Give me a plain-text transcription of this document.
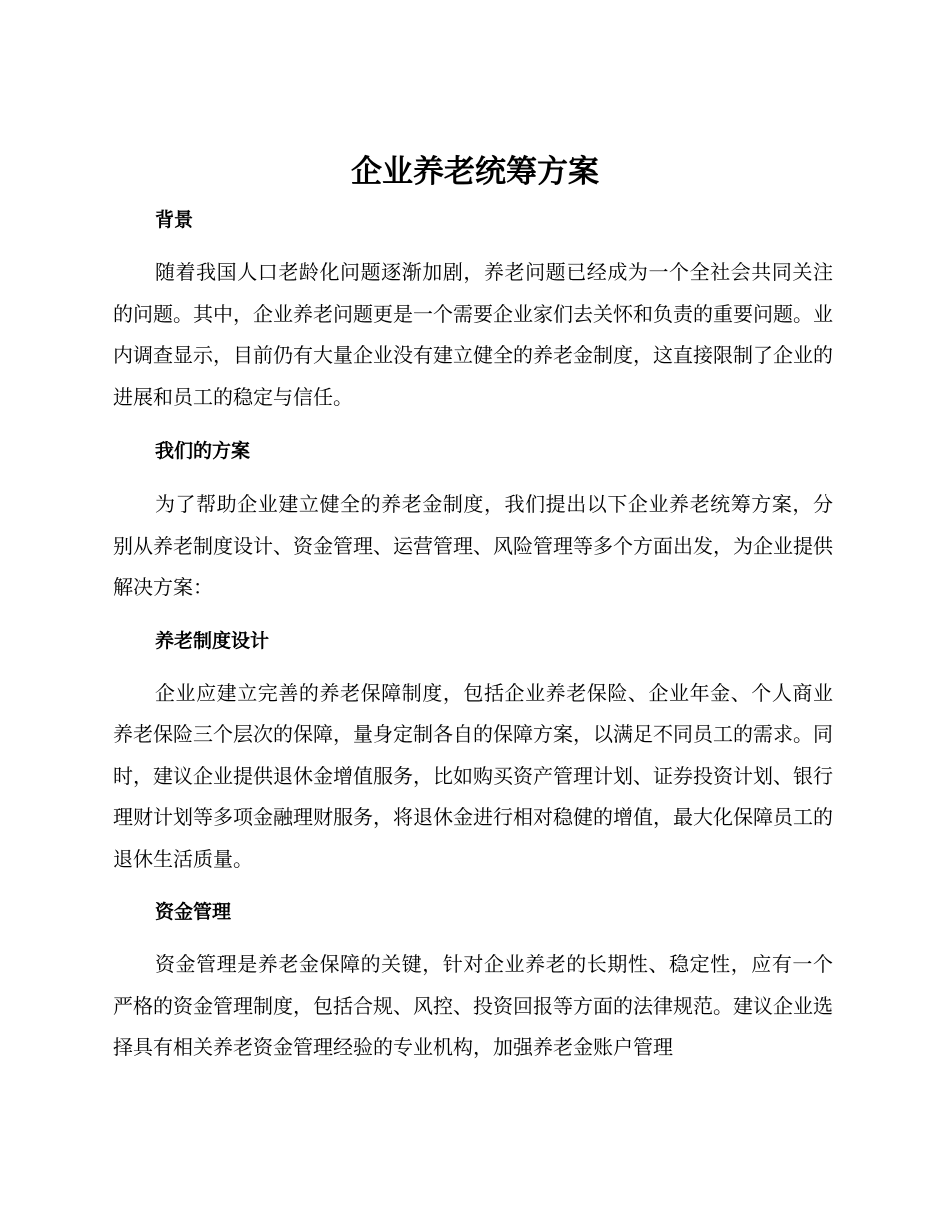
企业养老统筹方案
背景

随着我国人口老龄化问题逐渐加剧，养老问题已经成为一个全社会共同关注的问题。其中，企业养老问题更是一个需要企业家们去关怀和负责的重要问题。业内调查显示，目前仍有大量企业没有建立健全的养老金制度，这直接限制了企业的进展和员工的稳定与信任。

我们的方案

为了帮助企业建立健全的养老金制度，我们提出以下企业养老统筹方案，分别从养老制度设计、资金管理、运营管理、风险管理等多个方面出发，为企业提供解决方案：

养老制度设计

企业应建立完善的养老保障制度，包括企业养老保险、企业年金、个人商业养老保险三个层次的保障，量身定制各自的保障方案，以满足不同员工的需求。同时，建议企业提供退休金增值服务，比如购买资产管理计划、证券投资计划、银行理财计划等多项金融理财服务，将退休金进行相对稳健的增值，最大化保障员工的退休生活质量。

资金管理

资金管理是养老金保障的关键，针对企业养老的长期性、稳定性，应有一个严格的资金管理制度，包括合规、风控、投资回报等方面的法律规范。建议企业选择具有相关养老资金管理经验的专业机构，加强养老金账户管理
